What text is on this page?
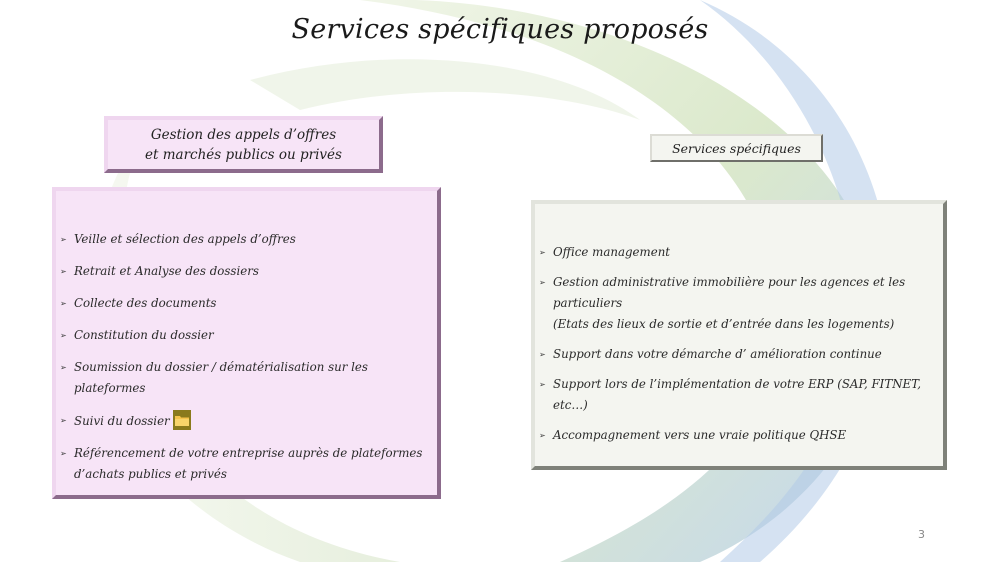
Services spécifiques proposés
Gestion des appels d’offres
et marchés publics ou privés	Services spécifiques
➢ Veille et sélection des appels d’offres
➢ Retrait et Analyse des dossiers
➢ Collecte des documents
➢ Constitution du dossier
➢ Soumission du dossier / dématérialisation sur les plateformes
➢ Suivi du dossier
➢ Référencement de votre entreprise auprès de plateformes d’achats publics et privés
➢ Office management
➢ Gestion administrative immobilière pour les agences et les particuliers
(Etats des lieux de sortie et d’entrée dans les logements)
➢ Support dans votre démarche d’ amélioration continue
➢ Support lors de l’implémentation de votre ERP (SAP, FITNET, etc…)
➢ Accompagnement vers une vraie politique QHSE
3
